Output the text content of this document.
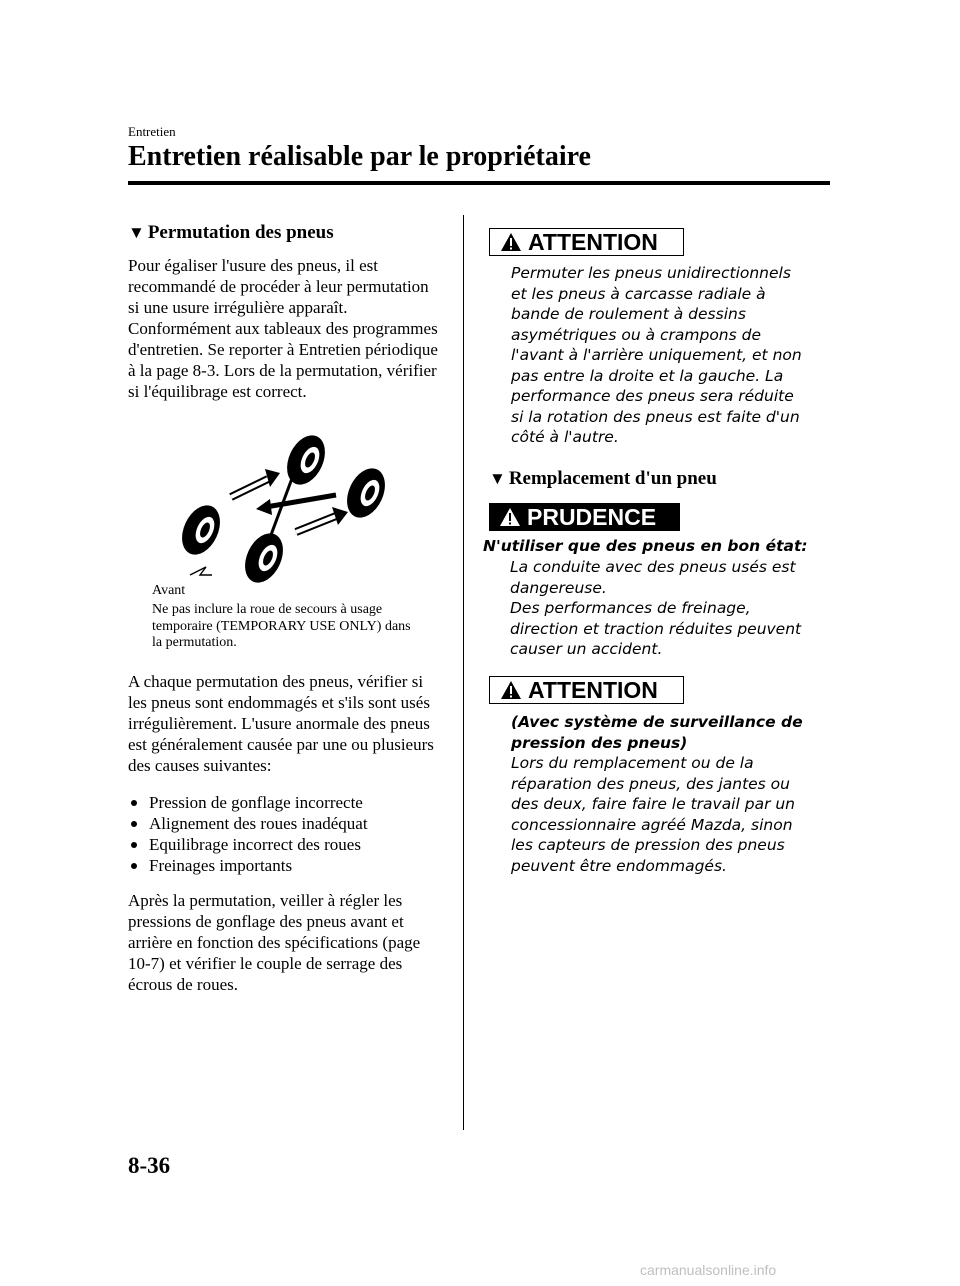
Entretien
Entretien réalisable par le propriétaire
▼ Permutation des pneus
Pour égaliser l'usure des pneus, il est recommandé de procéder à leur permutation si une usure irrégulière apparaît. Conformément aux tableaux des programmes d'entretien. Se reporter à Entretien périodique à la page 8-3. Lors de la permutation, vérifier si l'équilibrage est correct.
Avant
Ne pas inclure la roue de secours à usage temporaire (TEMPORARY USE ONLY) dans la permutation.
A chaque permutation des pneus, vérifier si les pneus sont endommagés et s'ils sont usés irrégulièrement. L'usure anormale des pneus est généralement causée par une ou plusieurs des causes suivantes:
Pression de gonflage incorrecte
Alignement des roues inadéquat
Equilibrage incorrect des roues
Freinages importants
Après la permutation, veiller à régler les pressions de gonflage des pneus avant et arrière en fonction des spécifications (page 10-7) et vérifier le couple de serrage des écrous de roues.
ATTENTION
Permuter les pneus unidirectionnels et les pneus à carcasse radiale à bande de roulement à dessins asymétriques ou à crampons de l'avant à l'arrière uniquement, et non pas entre la droite et la gauche. La performance des pneus sera réduite si la rotation des pneus est faite d'un côté à l'autre.
▼ Remplacement d'un pneu
PRUDENCE
N'utiliser que des pneus en bon état:
La conduite avec des pneus usés est dangereuse.
Des performances de freinage, direction et traction réduites peuvent causer un accident.
ATTENTION
(Avec système de surveillance de pression des pneus)
Lors du remplacement ou de la réparation des pneus, des jantes ou des deux, faire faire le travail par un concessionnaire agréé Mazda, sinon les capteurs de pression des pneus peuvent être endommagés.
8-36
carmanualsonline.info
